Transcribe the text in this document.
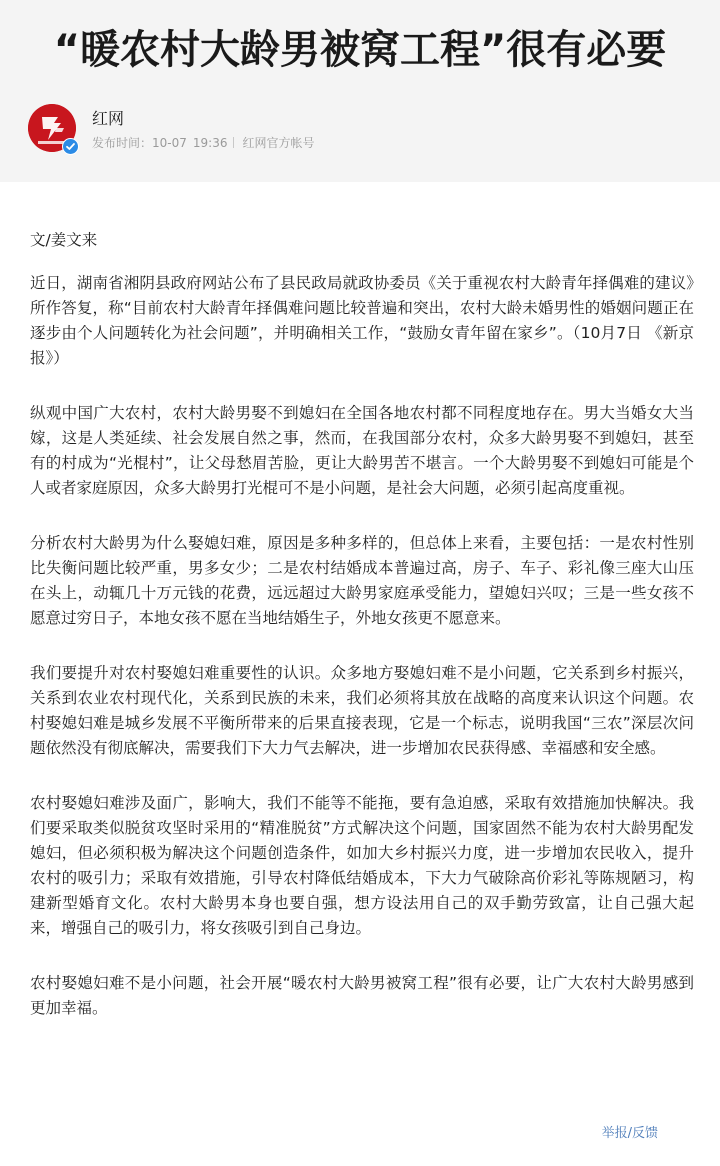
“暖农村大龄男被窝工程”很有必要
红网
发布时间：10-07 19:36 红网官方帐号

文/姜文来

近日，湖南省湘阴县政府网站公布了县民政局就政协委员《关于重视农村大龄青年择偶难的建议》所作答复，称“目前农村大龄青年择偶难问题比较普遍和突出，农村大龄未婚男性的婚姻问题正在逐步由个人问题转化为社会问题”，并明确相关工作，“鼓励女青年留在家乡”。（10月7日 《新京报》）

纵观中国广大农村，农村大龄男娶不到媳妇在全国各地农村都不同程度地存在。男大当婚女大当嫁，这是人类延续、社会发展自然之事，然而，在我国部分农村，众多大龄男娶不到媳妇，甚至有的村成为“光棍村”，让父母愁眉苦脸，更让大龄男苦不堪言。一个大龄男娶不到媳妇可能是个人或者家庭原因，众多大龄男打光棍可不是小问题，是社会大问题，必须引起高度重视。

分析农村大龄男为什么娶媳妇难，原因是多种多样的，但总体上来看，主要包括：一是农村性别比失衡问题比较严重，男多女少；二是农村结婚成本普遍过高，房子、车子、彩礼像三座大山压在头上，动辄几十万元钱的花费，远远超过大龄男家庭承受能力，望媳妇兴叹；三是一些女孩不愿意过穷日子，本地女孩不愿在当地结婚生子，外地女孩更不愿意来。

我们要提升对农村娶媳妇难重要性的认识。众多地方娶媳妇难不是小问题，它关系到乡村振兴，关系到农业农村现代化，关系到民族的未来，我们必须将其放在战略的高度来认识这个问题。农村娶媳妇难是城乡发展不平衡所带来的后果直接表现，它是一个标志，说明我国“三农”深层次问题依然没有彻底解决，需要我们下大力气去解决，进一步增加农民获得感、幸福感和安全感。

农村娶媳妇难涉及面广，影响大，我们不能等不能拖，要有急迫感，采取有效措施加快解决。我们要采取类似脱贫攻坚时采用的“精准脱贫”方式解决这个问题，国家固然不能为农村大龄男配发媳妇，但必须积极为解决这个问题创造条件，如加大乡村振兴力度，进一步增加农民收入，提升农村的吸引力；采取有效措施，引导农村降低结婚成本，下大力气破除高价彩礼等陈规陋习，构建新型婚育文化。农村大龄男本身也要自强，想方设法用自己的双手勤劳致富，让自己强大起来，增强自己的吸引力，将女孩吸引到自己身边。

农村娶媳妇难不是小问题，社会开展“暖农村大龄男被窝工程”很有必要，让广大农村大龄男感到更加幸福。

举报/反馈
